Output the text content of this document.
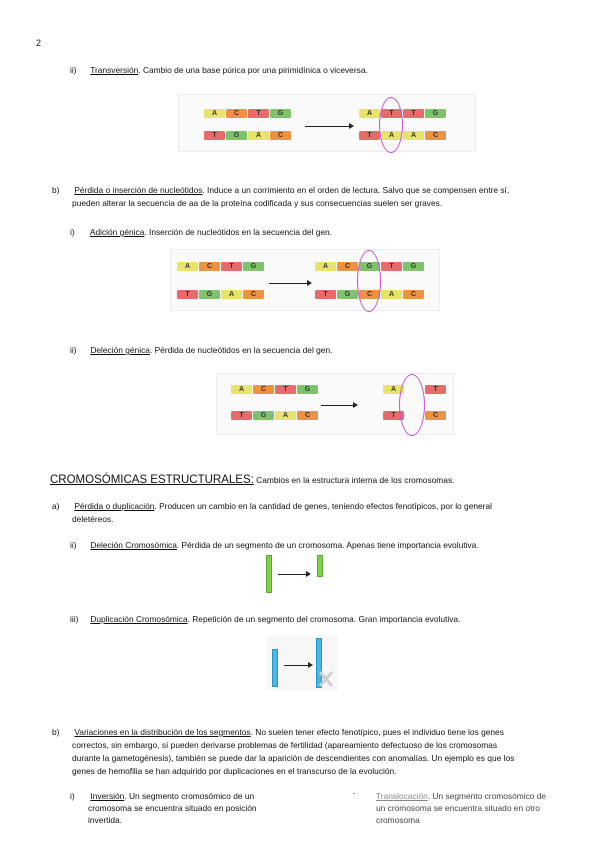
2
ii) Transversión. Cambio de una base púrica por una pirimidínica o viceversa.
A	C	T	G
T	G	A	C
A	T	T	G
T	A	A	C
b) Pérdida o inserción de nucleótidos. Induce a un corrimiento en el orden de lectura. Salvo que se compensen entre sí,
pueden alterar la secuencia de aa de la proteína codificada y sus consecuencias suelen ser graves.
i) Adición génica. Inserción de nucleótidos en la secuencia del gen.
A	C	T	G
T	G	A	C
A	C	G	T	G
T	G	C	A	C
ii) Deleción génica. Pérdida de nucleótidos en la secuencia del gen.
A	C	T	G
T	G	A	C
A	T
T	C
CROMOSÓMICAS ESTRUCTURALES: Cambios en la estructura interna de los cromosomas.
a) Pérdida o duplicación. Producen un cambio en la cantidad de genes, teniendo efectos fenotípicos, por lo general
deletéreos.
ii) Deleción Cromosómica. Pérdida de un segmento de un cromosoma. Apenas tiene importancia evolutiva.
iii) Duplicación Cromosómica. Repetición de un segmento del cromosoma. Gran importancia evolutiva.
b) Variaciones en la distribución de los segmentos. No suelen tener efecto fenotípico, pues el individuo tiene los genes
correctos, sin embargo, sí pueden derivarse problemas de fertilidad (apareamiento defectuoso de los cromosomas
durante la gametogénesis), también se puede dar la aparición de descendientes con anomalías. Un ejemplo es que los
genes de hemofilia se han adquirido por duplicaciones en el transcurso de la evolución.
i) Inversión. Un segmento cromosómico de un
cromosoma se encuentra situado en posición
invertida.
Translocación. Un segmento cromosómico de
un cromosoma se encuentra situado en otro
cromosoma
